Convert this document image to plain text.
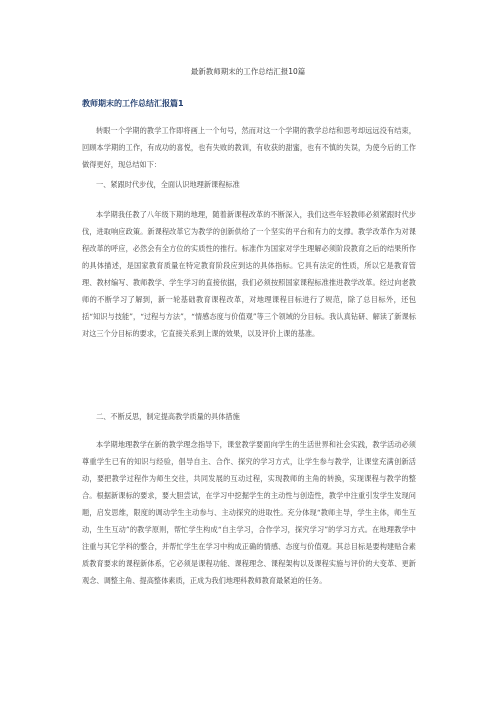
最新教师期末的工作总结汇报10篇
教师期末的工作总结汇报篇1

转眼一个学期的教学工作即将画上一个句号，然而对这一个学期的教学总结和思考却远远没有结束，回顾本学期的工作，有成功的喜悦，也有失败的教训，有收获的甜蜜，也有不慎的失误，为使今后的工作做得更好，现总结如下：

一、紧跟时代步伐，全面认识地理新课程标准

本学期我任教了八年级下期的地理，随着新课程改革的不断深入，我们这些年轻教师必须紧跟时代步伐，进取响应政策。新课程改革它为教学的创新供给了一个坚实的平台和有力的支撑。教学改革作为对课程改革的呼应，必然会有全方位的实质性的推行。标准作为国家对学生理解必须阶段教育之后的结果所作的具体描述，是国家教育质量在特定教育阶段应到达的具体指标。它具有法定的性质，所以它是教育管理、教材编写、教师教学、学生学习的直接依据，我们必须按照国家课程标准推进教学改革。经过向老教师的不断学习了解到，新一轮基础教育课程改革，对地理课程目标进行了规范，除了总目标外，还包括“知识与技能”，“过程与方法”，“情感态度与价值观”等三个领域的分目标。我认真钻研、解读了新课标对这三个分目标的要求，它直接关系到上课的效果，以及评价上课的基准。

二、不断反思，制定提高教学质量的具体措施

本学期地理教学在新的教学理念指导下，课堂教学要面向学生的生活世界和社会实践，教学活动必须尊重学生已有的知识与经验，倡导自主、合作、探究的学习方式，让学生参与教学，让课堂充满创新活动，要把教学过程作为师生交往，共同发展的互动过程，实现教师的主角的转换，实现课程与教学的整合。根据新课标的要求，要大胆尝试，在学习中挖掘学生的主动性与创造性，教学中注重引发学生发现问题，启发思维，限度的调动学生主动参与、主动探究的进取性。充分体现“教师主导，学生主体，师生互动，生生互动”的教学原则，帮忙学生构成“自主学习，合作学习，探究学习”的学习方式。在地理教学中注重与其它学科的整合，并帮忙学生在学习中构成正确的情感、态度与价值观。其总目标是要构建贴合素质教育要求的课程新体系，它必须是课程功能、课程理念、课程架构以及课程实施与评价的大变革、更新观念、调整主角、提高整体素质，正成为我们地理科教师教育最紧迫的任务。
